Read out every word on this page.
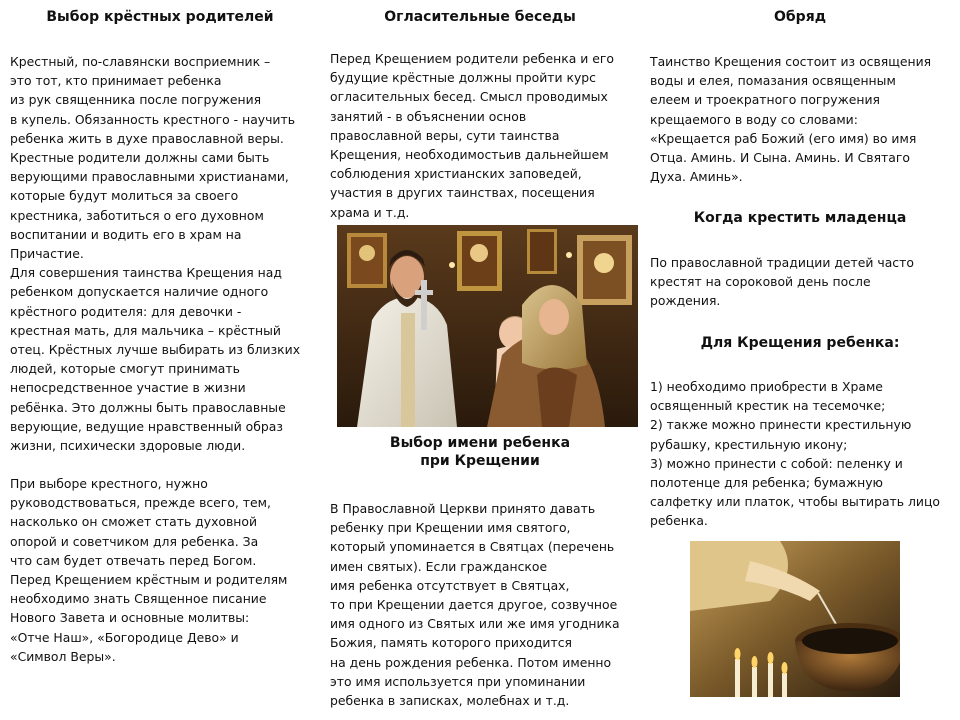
Выбор крёстных родителей

Крестный, по-славянски восприемник –
это тот, кто принимает ребенка
из рук священника после погружения
в купель. Обязанность крестного - научить
ребенка жить в духе православной веры.
Крестные родители должны сами быть
верующими православными христианами,
которые будут молиться за своего
крестника, заботиться о его духовном
воспитании и водить его в храм на
Причастие.
Для совершения таинства Крещения над
ребенком допускается наличие одного
крёстного родителя: для девочки -
крестная мать, для мальчика – крёстный
отец. Крёстных лучше выбирать из близких
людей, которые смогут принимать
непосредственное участие в жизни
ребёнка. Это должны быть православные
верующие, ведущие нравственный образ
жизни, психически здоровые люди.

При выборе крестного, нужно
руководствоваться, прежде всего, тем,
насколько он сможет стать духовной
опорой и советчиком для ребенка. За
что сам будет отвечать перед Богом.
Перед Крещением крёстным и родителям
необходимо знать Священное писание
Нового Завета и основные молитвы:
«Отче Наш», «Богородице Дево» и
«Символ Веры».

Огласительные беседы

Перед Крещением родители ребенка и его
будущие крёстные должны пройти курс
огласительных бесед. Смысл проводимых
занятий - в объяснении основ
православной веры, сути таинства
Крещения, необходимостьив дальнейшем
соблюдения христианских заповедей,
участия в других таинствах, посещения
храма и т.д.

Выбор имени ребенка
при Крещении

В Православной Церкви принято давать
ребенку при Крещении имя святого,
который упоминается в Святцах (перечень
имен святых). Если гражданское
имя ребенка отсутствует в Святцах,
то при Крещении дается другое, созвучное
имя одного из Святых или же имя угодника
Божия, память которого приходится
на день рождения ребенка. Потом именно
это имя используется при упоминании
ребенка в записках, молебнах и т.д.

Обряд

Таинство Крещения состоит из освящения
воды и елея, помазания освященным
елеем и троекратного погружения
крещаемого в воду со словами:
«Крещается раб Божий (его имя) во имя
Отца. Аминь. И Сына. Аминь. И Святаго
Духа. Аминь».

Когда крестить младенца

По православной традиции детей часто
крестят на сороковой день после
рождения.

Для Крещения ребенка:

1) необходимо приобрести в Храме
освященный крестик на тесемочке;
2) также можно принести крестильную
рубашку, крестильную икону;
3) можно принести с собой: пеленку и
полотенце для ребенка; бумажную
салфетку или платок, чтобы вытирать лицо
ребенка.
